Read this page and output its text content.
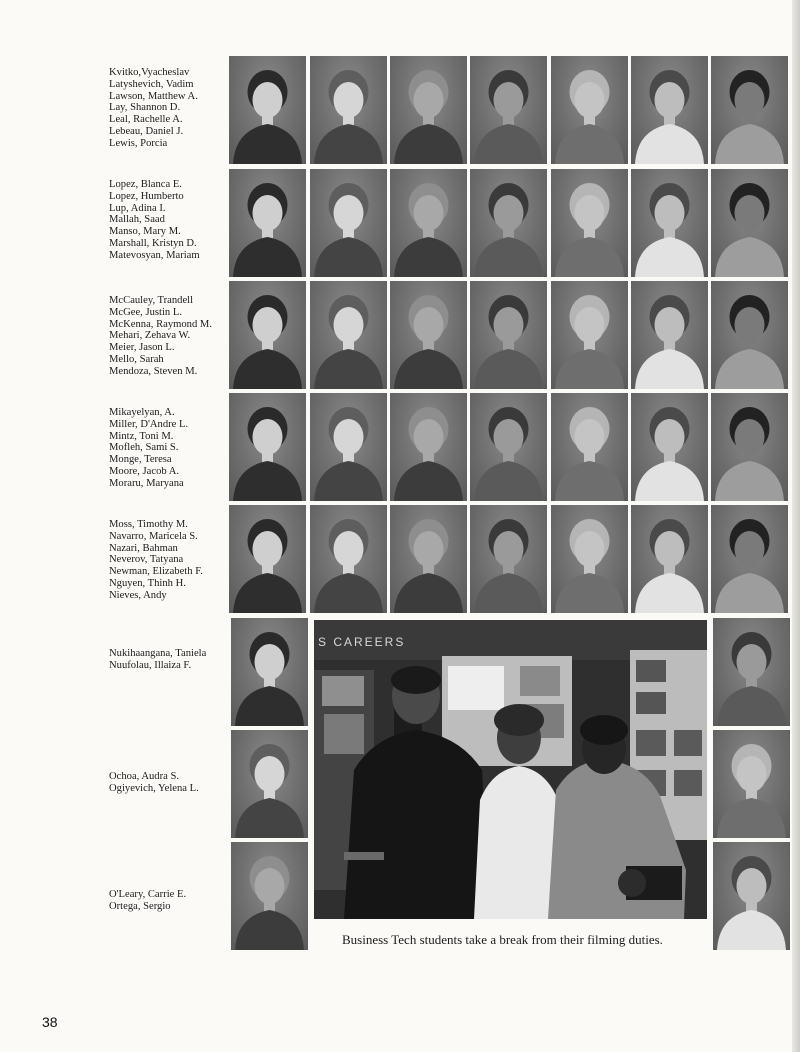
Kvitko,Vyacheslav
Latyshevich, Vadim
Lawson, Matthew A.
Lay, Shannon D.
Leal, Rachelle A.
Lebeau, Daniel J.
Lewis, Porcia
Lopez, Blanca E.
Lopez, Humberto
Lup, Adina I.
Mallah, Saad
Manso, Mary M.
Marshall, Kristyn D.
Matevosyan, Mariam
McCauley, Trandell
McGee, Justin L.
McKenna, Raymond M.
Mehari, Zehava W.
Meier, Jason L.
Mello, Sarah
Mendoza, Steven M.
Mikayelyan, A.
Miller, D'Andre L.
Mintz, Toni M.
Mofleh, Sami S.
Monge, Teresa
Moore, Jacob A.
Moraru, Maryana
Moss, Timothy M.
Navarro, Maricela S.
Nazari, Bahman
Neverov, Tatyana
Newman, Elizabeth F.
Nguyen, Thinh H.
Nieves, Andy
Nukihaangana, Taniela
Nuufolau, Illaiza F.
Ochoa, Audra S.
Ogiyevich, Yelena L.
O'Leary, Carrie E.
Ortega, Sergio
S CAREERS
Business Tech students take a break from their filming duties.
38
